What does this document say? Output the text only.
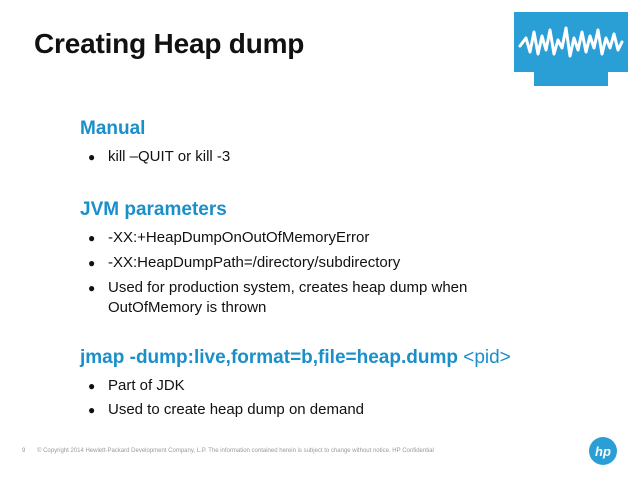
Creating Heap dump
Manual
● kill –QUIT or kill -3
JVM parameters
● -XX:+HeapDumpOnOutOfMemoryError
● -XX:HeapDumpPath=/directory/subdirectory
● Used for production system, creates heap dump when
OutOfMemory is thrown
jmap -dump:live,format=b,file=heap.dump <pid>
● Part of JDK
● Used to create heap dump on demand
9 © Copyright 2014 Hewlett-Packard Development Company, L.P. The information contained herein is subject to change without notice. HP Confidential	hp
